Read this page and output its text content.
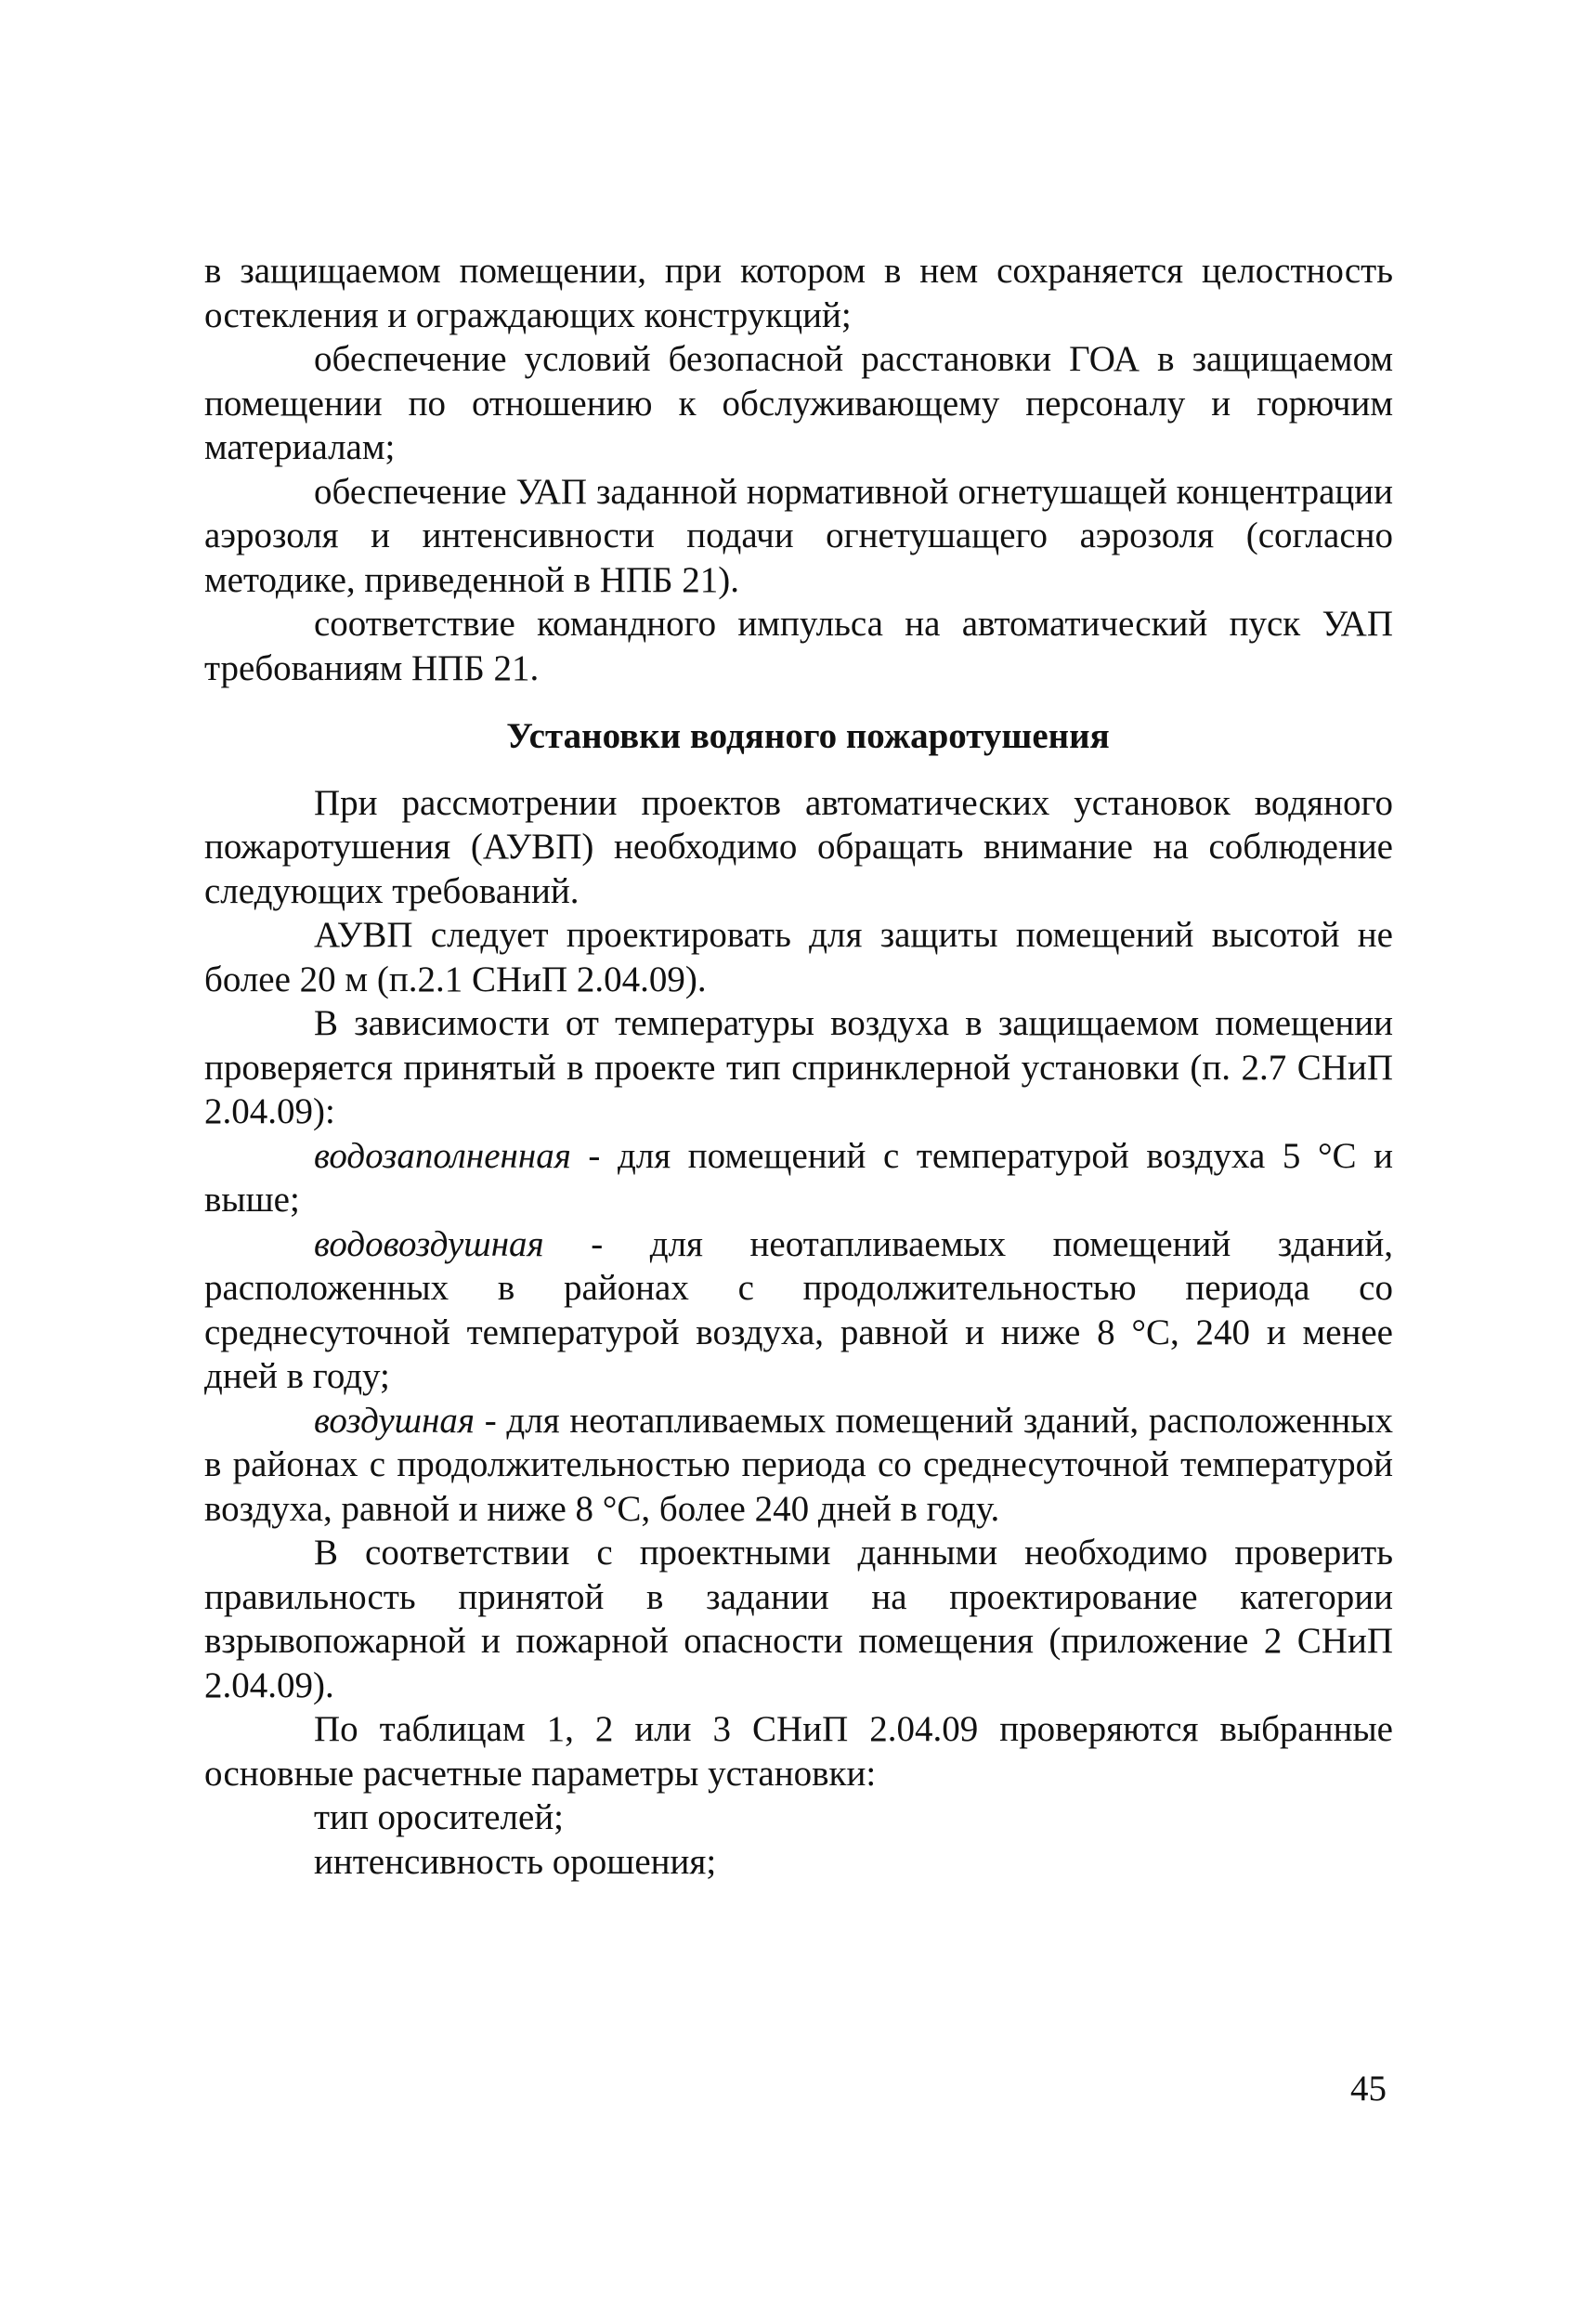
в защищаемом помещении, при котором в нем сохраняется целостность остекления и ограждающих конструкций;

обеспечение условий безопасной расстановки ГОА в защищаемом помещении по отношению к обслуживающему персоналу и горючим материалам;

обеспечение УАП заданной нормативной огнетушащей концентрации аэрозоля и интенсивности подачи огнетушащего аэрозоля (согласно методике, приведенной в НПБ 21).

соответствие командного импульса на автоматический пуск УАП требованиям НПБ 21.

Установки водяного пожаротушения

При рассмотрении проектов автоматических установок водяного пожаротушения (АУВП) необходимо обращать внимание на соблюдение следующих требований.

АУВП следует проектировать для защиты помещений высотой не более 20 м (п.2.1 СНиП 2.04.09).

В зависимости от температуры воздуха в защищаемом помещении проверяется принятый в проекте тип спринклерной установки (п. 2.7 СНиП 2.04.09):

водозаполненная - для помещений с температурой воздуха 5 °С и выше;

водовоздушная - для неотапливаемых помещений зданий, расположенных в районах с продолжительностью периода со среднесуточной температурой воздуха, равной и ниже 8 °С, 240 и менее дней в году;

воздушная - для неотапливаемых помещений зданий, расположенных в районах с продолжительностью периода со среднесуточной температурой воздуха, равной и ниже 8 °С, более 240 дней в году.

В соответствии с проектными данными необходимо проверить правильность принятой в задании на проектирование категории взрывопожарной и пожарной опасности помещения (приложение 2 СНиП 2.04.09).

По таблицам 1, 2 или 3 СНиП 2.04.09 проверяются выбранные основные расчетные параметры установки:

тип оросителей;

интенсивность орошения;

45
